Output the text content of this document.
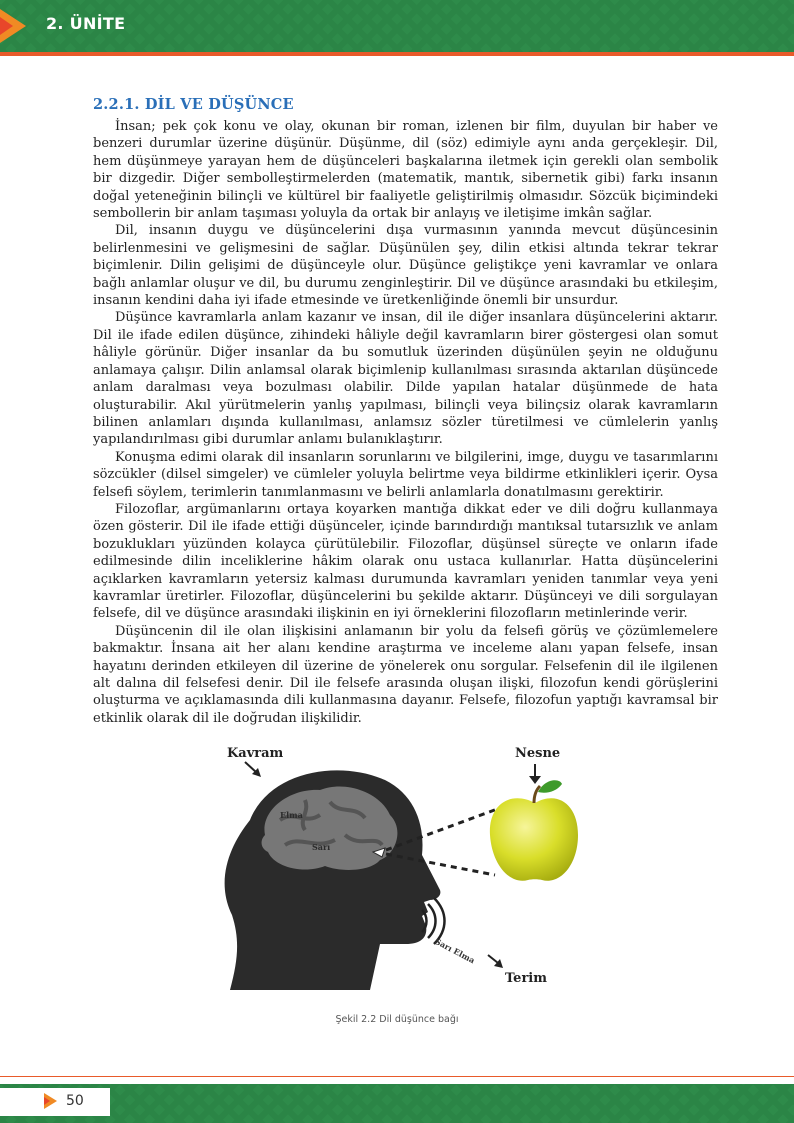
2. ÜNİTE
2.2.1. DİL VE DÜŞÜNCE

İnsan; pek çok konu ve olay, okunan bir roman, izlenen bir film, duyulan bir haber ve benzeri durumlar üzerine düşünür. Düşünme, dil (söz) edimiyle aynı anda gerçekleşir. Dil, hem düşünmeye yarayan hem de düşünceleri başkalarına iletmek için gerekli olan sembolik bir dizgedir. Diğer sembolleştirmelerden (matematik, mantık, sibernetik gibi) farkı insanın doğal yeteneğinin bilinçli ve kültürel bir faaliyetle geliştirilmiş olmasıdır. Sözcük biçimindeki sembollerin bir anlam taşıması yoluyla da ortak bir anlayış ve iletişime imkân sağlar.

Dil, insanın duygu ve düşüncelerini dışa vurmasının yanında mevcut düşüncesinin belirlenmesini ve gelişmesini de sağlar. Düşünülen şey, dilin etkisi altında tekrar tekrar biçimlenir. Dilin gelişimi de düşünceyle olur. Düşünce geliştikçe yeni kavramlar ve onlara bağlı anlamlar oluşur ve dil, bu durumu zenginleştirir. Dil ve düşünce arasındaki bu etkileşim, insanın kendini daha iyi ifade etmesinde ve üretkenliğinde önemli bir unsurdur.

Düşünce kavramlarla anlam kazanır ve insan, dil ile diğer insanlara düşüncelerini aktarır. Dil ile ifade edilen düşünce, zihindeki hâliyle değil kavramların birer göstergesi olan somut hâliyle görünür. Diğer insanlar da bu somutluk üzerinden düşünülen şeyin ne olduğunu anlamaya çalışır. Dilin anlamsal olarak biçimlenip kullanılması sırasında aktarılan düşüncede anlam daralması veya bozulması olabilir. Dilde yapılan hatalar düşünmede de hata oluşturabilir. Akıl yürütmelerin yanlış yapılması, bilinçli veya bilinçsiz olarak kavramların bilinen anlamları dışında kullanılması, anlamsız sözler türetilmesi ve cümlelerin yanlış yapılandırılması gibi durumlar anlamı bulanıklaştırır.

Konuşma edimi olarak dil insanların sorunlarını ve bilgilerini, imge, duygu ve tasarımlarını sözcükler (dilsel simgeler) ve cümleler yoluyla belirtme veya bildirme etkinlikleri içerir. Oysa felsefi söylem, terimlerin tanımlanmasını ve belirli anlamlarla donatılmasını gerektirir.

Filozoflar, argümanlarını ortaya koyarken mantığa dikkat eder ve dili doğru kullanmaya özen gösterir. Dil ile ifade ettiği düşünceler, içinde barındırdığı mantıksal tutarsızlık ve anlam bozuklukları yüzünden kolayca çürütülebilir. Filozoflar, düşünsel süreçte ve onların ifade edilmesinde dilin inceliklerine hâkim olarak onu ustaca kullanırlar. Hatta düşüncelerini açıklarken kavramların yetersiz kalması durumunda kavramları yeniden tanımlar veya yeni kavramlar üretirler. Filozoflar, düşüncelerini bu şekilde aktarır. Düşünceyi ve dili sorgulayan felsefe, dil ve düşünce arasındaki ilişkinin en iyi örneklerini filozofların metinlerinde verir.

Düşüncenin dil ile olan ilişkisini anlamanın bir yolu da felsefi görüş ve çözümlemelere bakmaktır. İnsana ait her alanı kendine araştırma ve inceleme alanı yapan felsefe, insan hayatını derinden etkileyen dil üzerine de yönelerek onu sorgular. Felsefenin dil ile ilgilenen alt dalına dil felsefesi denir. Dil ile felsefe arasında oluşan ilişki, filozofun kendi görüşlerini oluşturma ve açıklamasında dili kullanmasına dayanır. Felsefe, filozofun yaptığı kavramsal bir etkinlik olarak dil ile doğrudan ilişkilidir.

Kavram	Nesne
Terim
Elma
Sarı
Sarı Elma
Şekil 2.2 Dil düşünce bağı
50
